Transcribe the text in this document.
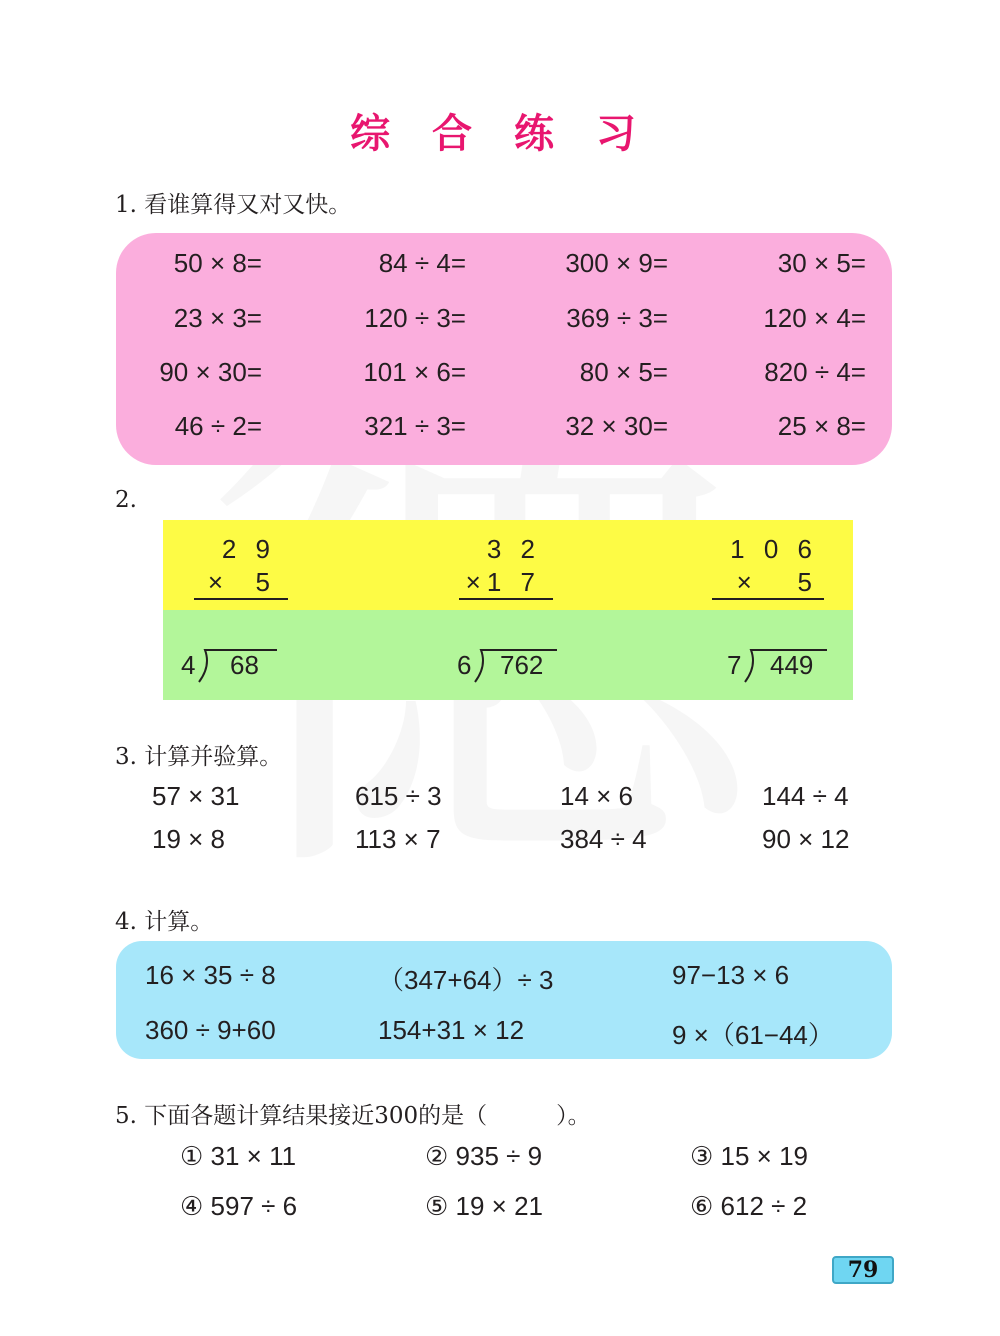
综 合 练 习
1. 看谁算得又对又快。
50 × 8=	84 ÷ 4=	300 × 9=	30 × 5=
23 × 3=	120 ÷ 3=	369 ÷ 3=	120 × 4=
90 × 30=	101 × 6=	80 × 5=	820 ÷ 4=
46 ÷ 2=	321 ÷ 3=	32 × 30=	25 × 8=
2.
2 9
×  5
3 2
×1 7
1 0 6
×   5
4 68	6 762	7 449
3. 计算并验算。
57 × 31	615 ÷ 3	14 × 6	144 ÷ 4
19 × 8	113 × 7	384 ÷ 4	90 × 12
4. 计算。
16 × 35 ÷ 8	（347+64）÷ 3	97−13 × 6
360 ÷ 9+60	154+31 × 12	9 ×（61−44）
5. 下面各题计算结果接近300的是（　　　）。
① 31 × 11	② 935 ÷ 9	③ 15 × 19
④ 597 ÷ 6	⑤ 19 × 21	⑥ 612 ÷ 2
79
